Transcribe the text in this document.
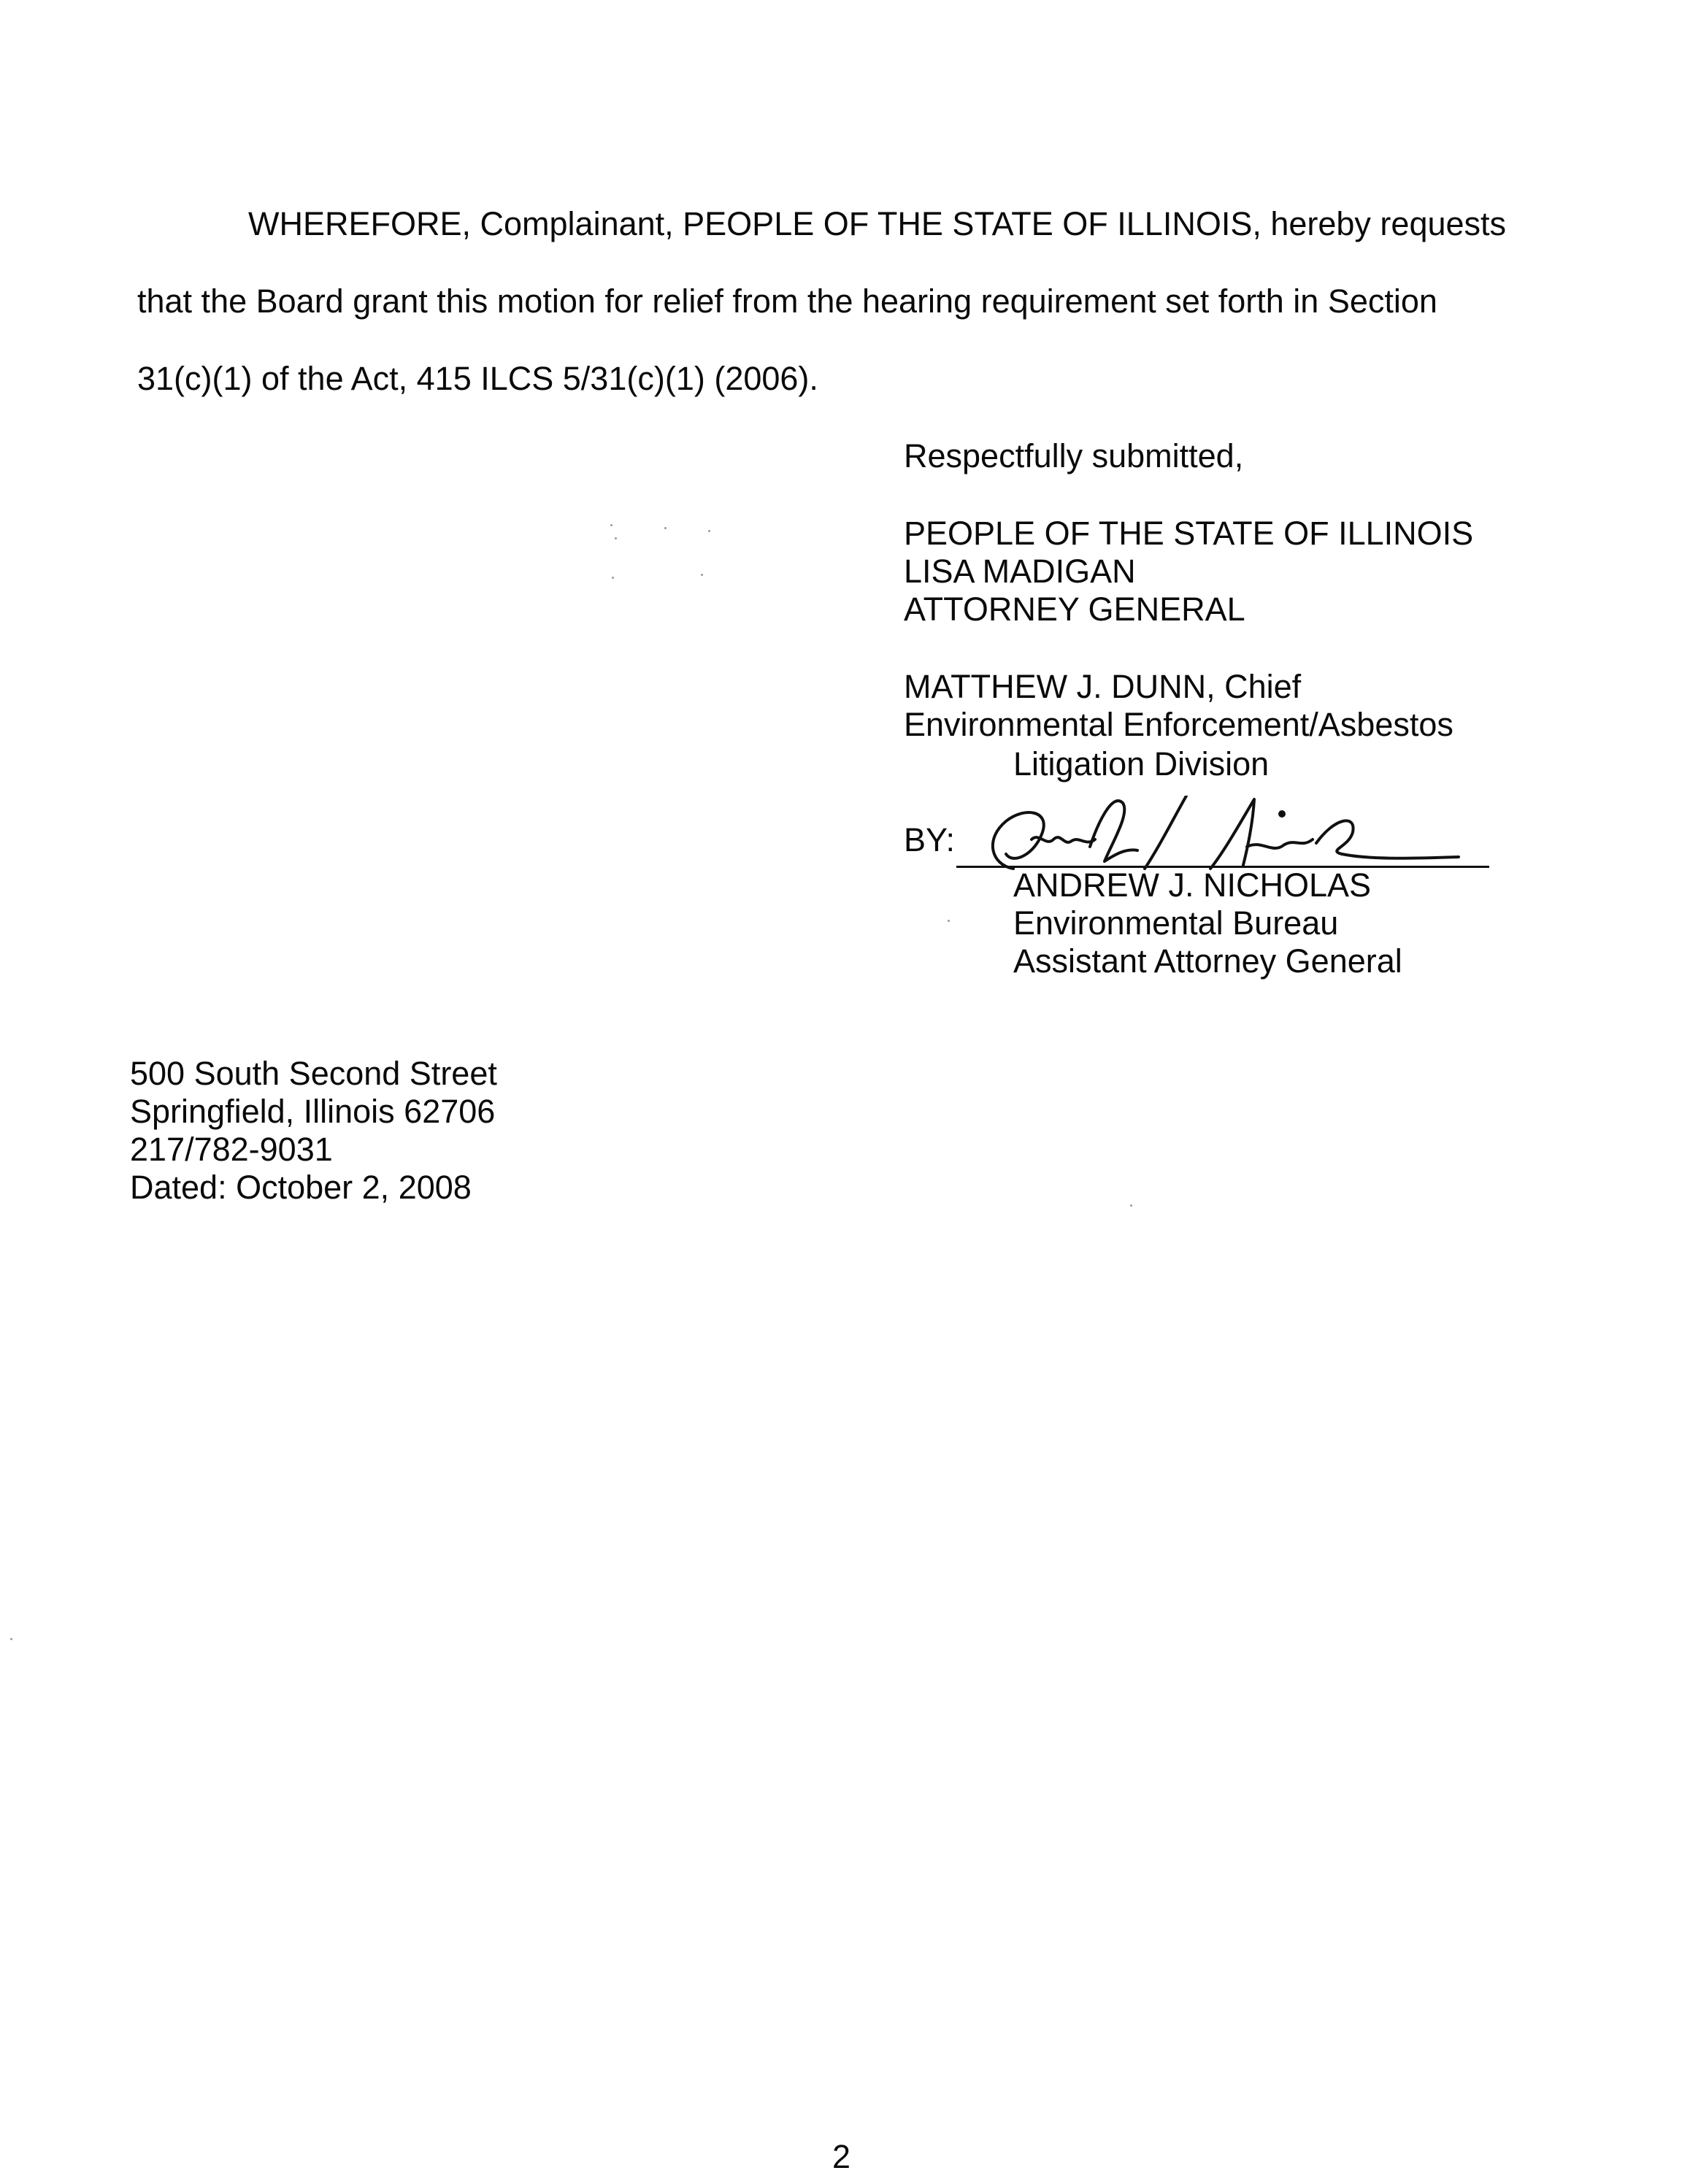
WHEREFORE, Complainant, PEOPLE OF THE STATE OF ILLINOIS, hereby requests
that the Board grant this motion for relief from the hearing requirement set forth in Section
31(c)(1) of the Act, 415 ILCS 5/31(c)(1) (2006).
Respectfully submitted,
PEOPLE OF THE STATE OF ILLINOIS
LISA MADIGAN
ATTORNEY GENERAL
MATTHEW J. DUNN, Chief
Environmental Enforcement/Asbestos
Litigation Division
BY:
ANDREW J. NICHOLAS
Environmental Bureau
Assistant Attorney General
500 South Second Street
Springfield, Illinois 62706
217/782-9031
Dated: October 2, 2008
2
